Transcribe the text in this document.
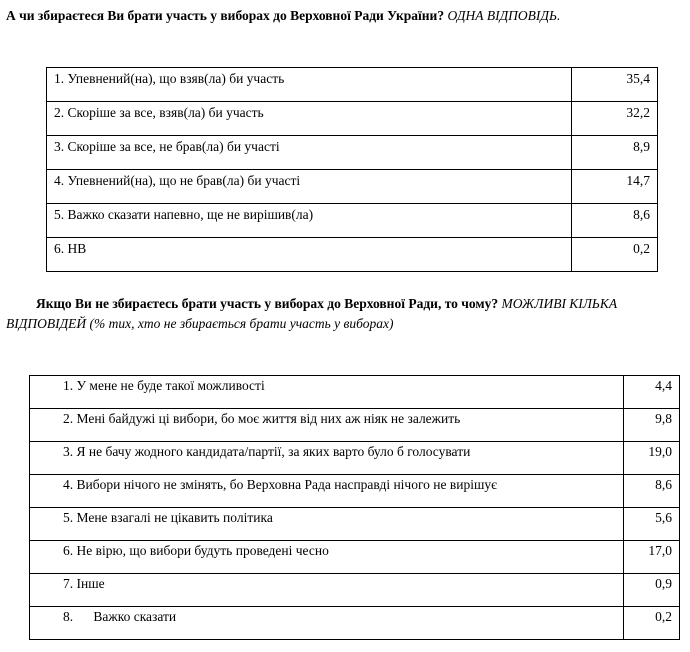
А чи збираєтеся Ви брати участь у виборах до Верховної Ради України? ОДНА ВІДПОВІДЬ.
1. Упевнений(на), що взяв(ла) би участь	35,4
2. Скоріше за все, взяв(ла) би участь	32,2
3. Скоріше за все, не брав(ла) би участі	8,9
4. Упевнений(на), що не брав(ла) би участі	14,7
5. Важко сказати напевно, ще не вирішив(ла)	8,6
6. НВ	0,2
Якщо Ви не збираєтесь брати участь у виборах до Верховної Ради, то чому? МОЖЛИВІ КІЛЬКА ВІДПОВІДЕЙ (% тих, хто не збирається брати участь у виборах)
1. У мене не буде такої можливості	4,4
2. Мені байдужі ці вибори, бо моє життя від них аж ніяк не залежить	9,8
3. Я не бачу жодного кандидата/партії, за яких варто було б голосувати	19,0
4. Вибори нічого не змінять, бо Верховна Рада насправді нічого не вирішує	8,6
5. Мене взагалі не цікавить політика	5,6
6. Не вірю, що вибори будуть проведені чесно	17,0
7. Інше	0,9
8.      Важко сказати	0,2
